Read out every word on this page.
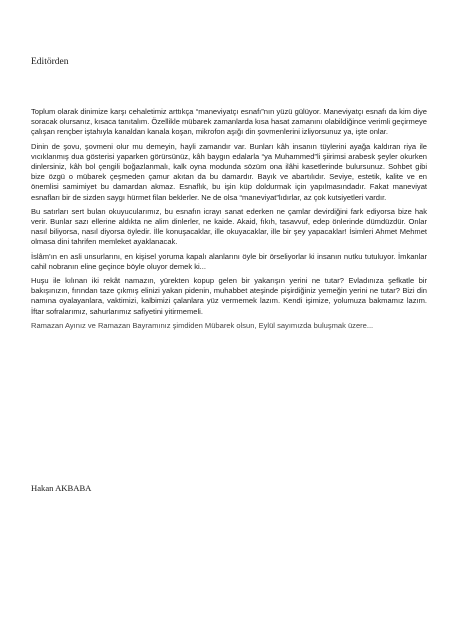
Editörden

Toplum olarak dinimize karşı cehaletimiz arttıkça “maneviyatçı esnafı”nın yüzü gülüyor. Maneviyatçı esnafı da kim diye soracak olursanız, kısaca tanıtalım. Özellikle mübarek zamanlarda kısa hasat zamanını olabildiğince verimli geçirmeye çalışan rençber iştahıyla kanaldan kanala koşan, mikrofon aşığı din şovmenlerini izliyorsunuz ya, işte onlar.

Dinin de şovu, şovmeni olur mu demeyin, hayli zamandır var. Bunları kâh insanın tüylerini ayağa kaldıran riya ile vıcıklanmış dua gösterisi yaparken görürsünüz, kâh baygın edalarla “ya Muhammed”li şiirimsi arabesk şeyler okurken dinlersiniz, kâh bol çengili boğazlanmalı, kalk oyna modunda sözüm ona ilâhi kasetlerinde bulursunuz. Sohbet gibi bize özgü o mübarek çeşmeden çamur akıtan da bu damardır. Bayık ve abartılıdır. Seviye, estetik, kalite ve en önemlisi samimiyet bu damardan akmaz. Esnaflık, bu işin küp doldurmak için yapılmasındadır. Fakat maneviyat esnafları bir de sizden saygı hürmet filan beklerler. Ne de olsa “maneviyat”lıdırlar, az çok kutsiyetleri vardır.

Bu satırları sert bulan okuyucularımız, bu esnafın icrayı sanat ederken ne çamlar devirdiğini fark ediyorsa bize hak verir. Bunlar sazı ellerine aldıkta ne alim dinlerler, ne kaide. Akaid, fıkıh, tasavvuf, edep önlerinde dümdüzdür. Onlar nasıl biliyorsa, nasıl diyorsa öyledir. İlle konuşacaklar, ille okuyacaklar, ille bir şey yapacaklar! İsimleri Ahmet Mehmet olmasa dini tahrifen memleket ayaklanacak.

İslâm’ın en asli unsurlarını, en kişisel yoruma kapalı alanlarını öyle bir örseliyorlar ki insanın nutku tutuluyor. İmkanlar cahil nobranın eline geçince böyle oluyor demek ki...

Huşu ile kılınan iki rekât namazın, yürekten kopup gelen bir yakarışın yerini ne tutar? Evladınıza şefkatle bir bakışınızın, fırından taze çıkmış elinizi yakan pidenin, muhabbet ateşinde pişirdiğiniz yemeğin yerini ne tutar? Bizi din namına oyalayanlara, vaktimizi, kalbimizi çalanlara yüz vermemek lazım. Kendi işimize, yolumuza bakmamız lazım. İftar sofralarımız, sahurlarımız safiyetini yitirmemeli.

Ramazan Ayınız ve Ramazan Bayramınız şimdiden Mübarek olsun, Eylül sayımızda buluşmak üzere...

Hakan AKBABA
